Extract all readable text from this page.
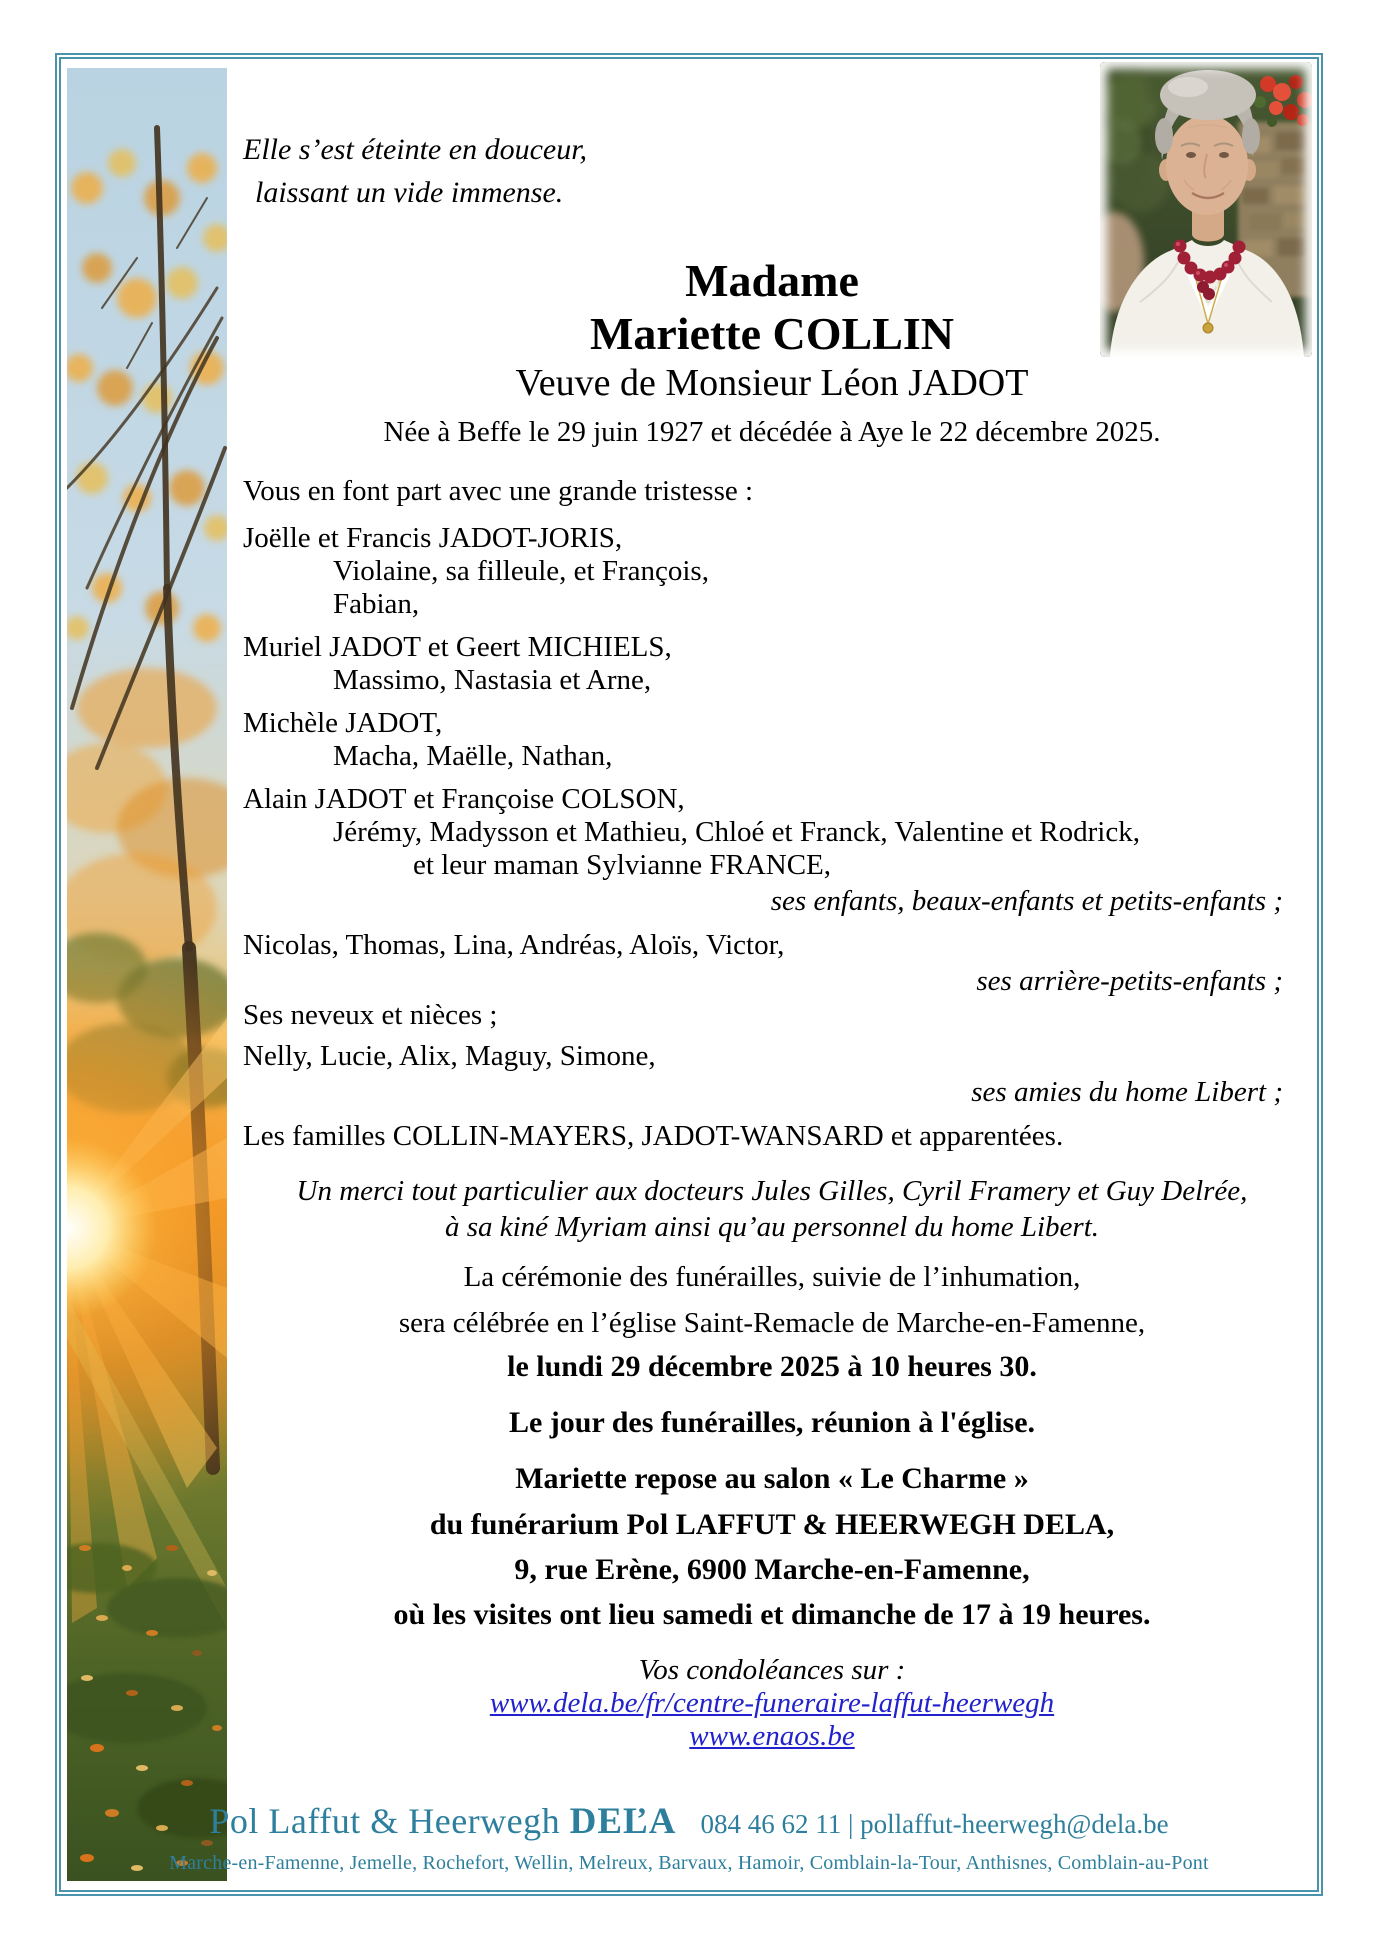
Elle s’est éteinte en douceur,
laissant un vide immense.
Madame
Mariette COLLIN
Veuve de Monsieur Léon JADOT
Née à Beffe le 29 juin 1927 et décédée à Aye le 22 décembre 2025.
Vous en font part avec une grande tristesse :
Joëlle et Francis JADOT-JORIS,
Violaine, sa filleule, et François,
Fabian,
Muriel JADOT et Geert MICHIELS,
Massimo, Nastasia et Arne,
Michèle JADOT,
Macha, Maëlle, Nathan,
Alain JADOT et Françoise COLSON,
Jérémy, Madysson et Mathieu, Chloé et Franck, Valentine et Rodrick,
et leur maman Sylvianne FRANCE,
ses enfants, beaux-enfants et petits-enfants ;
Nicolas, Thomas, Lina, Andréas, Aloïs, Victor,
ses arrière-petits-enfants ;
Ses neveux et nièces ;
Nelly, Lucie, Alix, Maguy, Simone,
ses amies du home Libert ;
Les familles COLLIN-MAYERS, JADOT-WANSARD et apparentées.
Un merci tout particulier aux docteurs Jules Gilles, Cyril Framery et Guy Delrée,
à sa kiné Myriam ainsi qu’au personnel du home Libert.
La cérémonie des funérailles, suivie de l’inhumation,
sera célébrée en l’église Saint-Remacle de Marche-en-Famenne,
le lundi 29 décembre 2025 à 10 heures 30.
Le jour des funérailles, réunion à l'église.
Mariette repose au salon « Le Charme »
du funérarium Pol LAFFUT & HEERWEGH DELA,
9, rue Erène, 6900 Marche-en-Famenne,
où les visites ont lieu samedi et dimanche de 17 à 19 heures.
Vos condoléances sur :
www.dela.be/fr/centre-funeraire-laffut-heerwegh
www.enaos.be
Pol Laffut & Heerwegh DEĽA 084 46 62 11 | pollaffut-heerwegh@dela.be
Marche-en-Famenne, Jemelle, Rochefort, Wellin, Melreux, Barvaux, Hamoir, Comblain-la-Tour, Anthisnes, Comblain-au-Pont
